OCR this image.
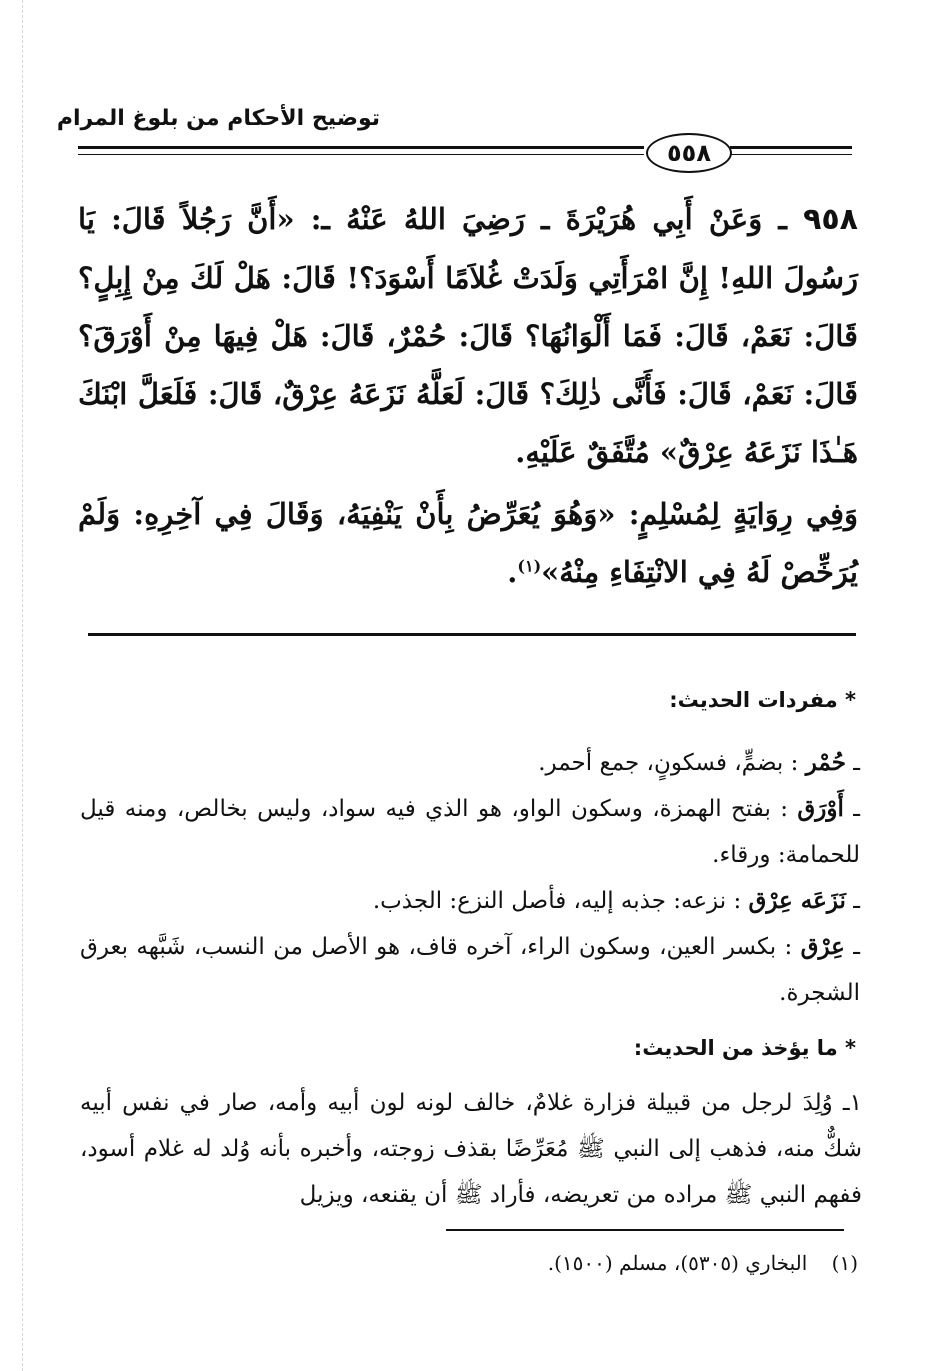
توضيح الأحكام من بلوغ المرام
٥٥٨

٩٥٨ ـ وَعَنْ أَبِي هُرَيْرَةَ ـ رَضِيَ اللهُ عَنْهُ ـ: «أَنَّ رَجُلاً قَالَ: يَا رَسُولَ اللهِ! إِنَّ امْرَأَتِي وَلَدَتْ غُلاَمًا أَسْوَدَ؟! قَالَ: هَلْ لَكَ مِنْ إِبِلٍ؟ قَالَ: نَعَمْ، قَالَ: فَمَا أَلْوَانُهَا؟ قَالَ: حُمْرٌ، قَالَ: هَلْ فِيهَا مِنْ أَوْرَقَ؟ قَالَ: نَعَمْ، قَالَ: فَأَنَّى ذٰلِكَ؟ قَالَ: لَعَلَّهُ نَزَعَهُ عِرْقٌ، قَالَ: فَلَعَلَّ ابْنَكَ هَـٰذَا نَزَعَهُ عِرْقٌ» مُتَّفَقٌ عَلَيْهِ.

وَفِي رِوَايَةٍ لِمُسْلِمٍ: «وَهُوَ يُعَرِّضُ بِأَنْ يَنْفِيَهُ، وَقَالَ فِي آخِرِهِ: وَلَمْ يُرَخِّصْ لَهُ فِي الانْتِفَاءِ مِنْهُ»$^{(١)}$.

* مفردات الحديث:

ـ حُمْر : بضمٍّ، فسكونٍ، جمع أحمر.

ـ أَوْرَق : بفتح الهمزة، وسكون الواو، هو الذي فيه سواد، وليس بخالص، ومنه قيل للحمامة: ورقاء.

ـ نَزَعَه عِرْق : نزعه: جذبه إليه، فأصل النزع: الجذب.

ـ عِرْق : بكسر العين، وسكون الراء، آخره قاف، هو الأصل من النسب، شَبَّهه بعرق الشجرة.

* ما يؤخذ من الحديث:

١ـ وُلِدَ لرجل من قبيلة فزارة غلامٌ، خالف لونه لون أبيه وأمه، صار في نفس أبيه شكٌّ منه، فذهب إلى النبي ﷺ مُعَرِّضًا بقذف زوجته، وأخبره بأنه وُلد له غلام أسود، ففهم النبي ﷺ مراده من تعريضه، فأراد ﷺ أن يقنعه، ويزيل

(١) البخاري (٥٣٠٥)، مسلم (١٥٠٠).
